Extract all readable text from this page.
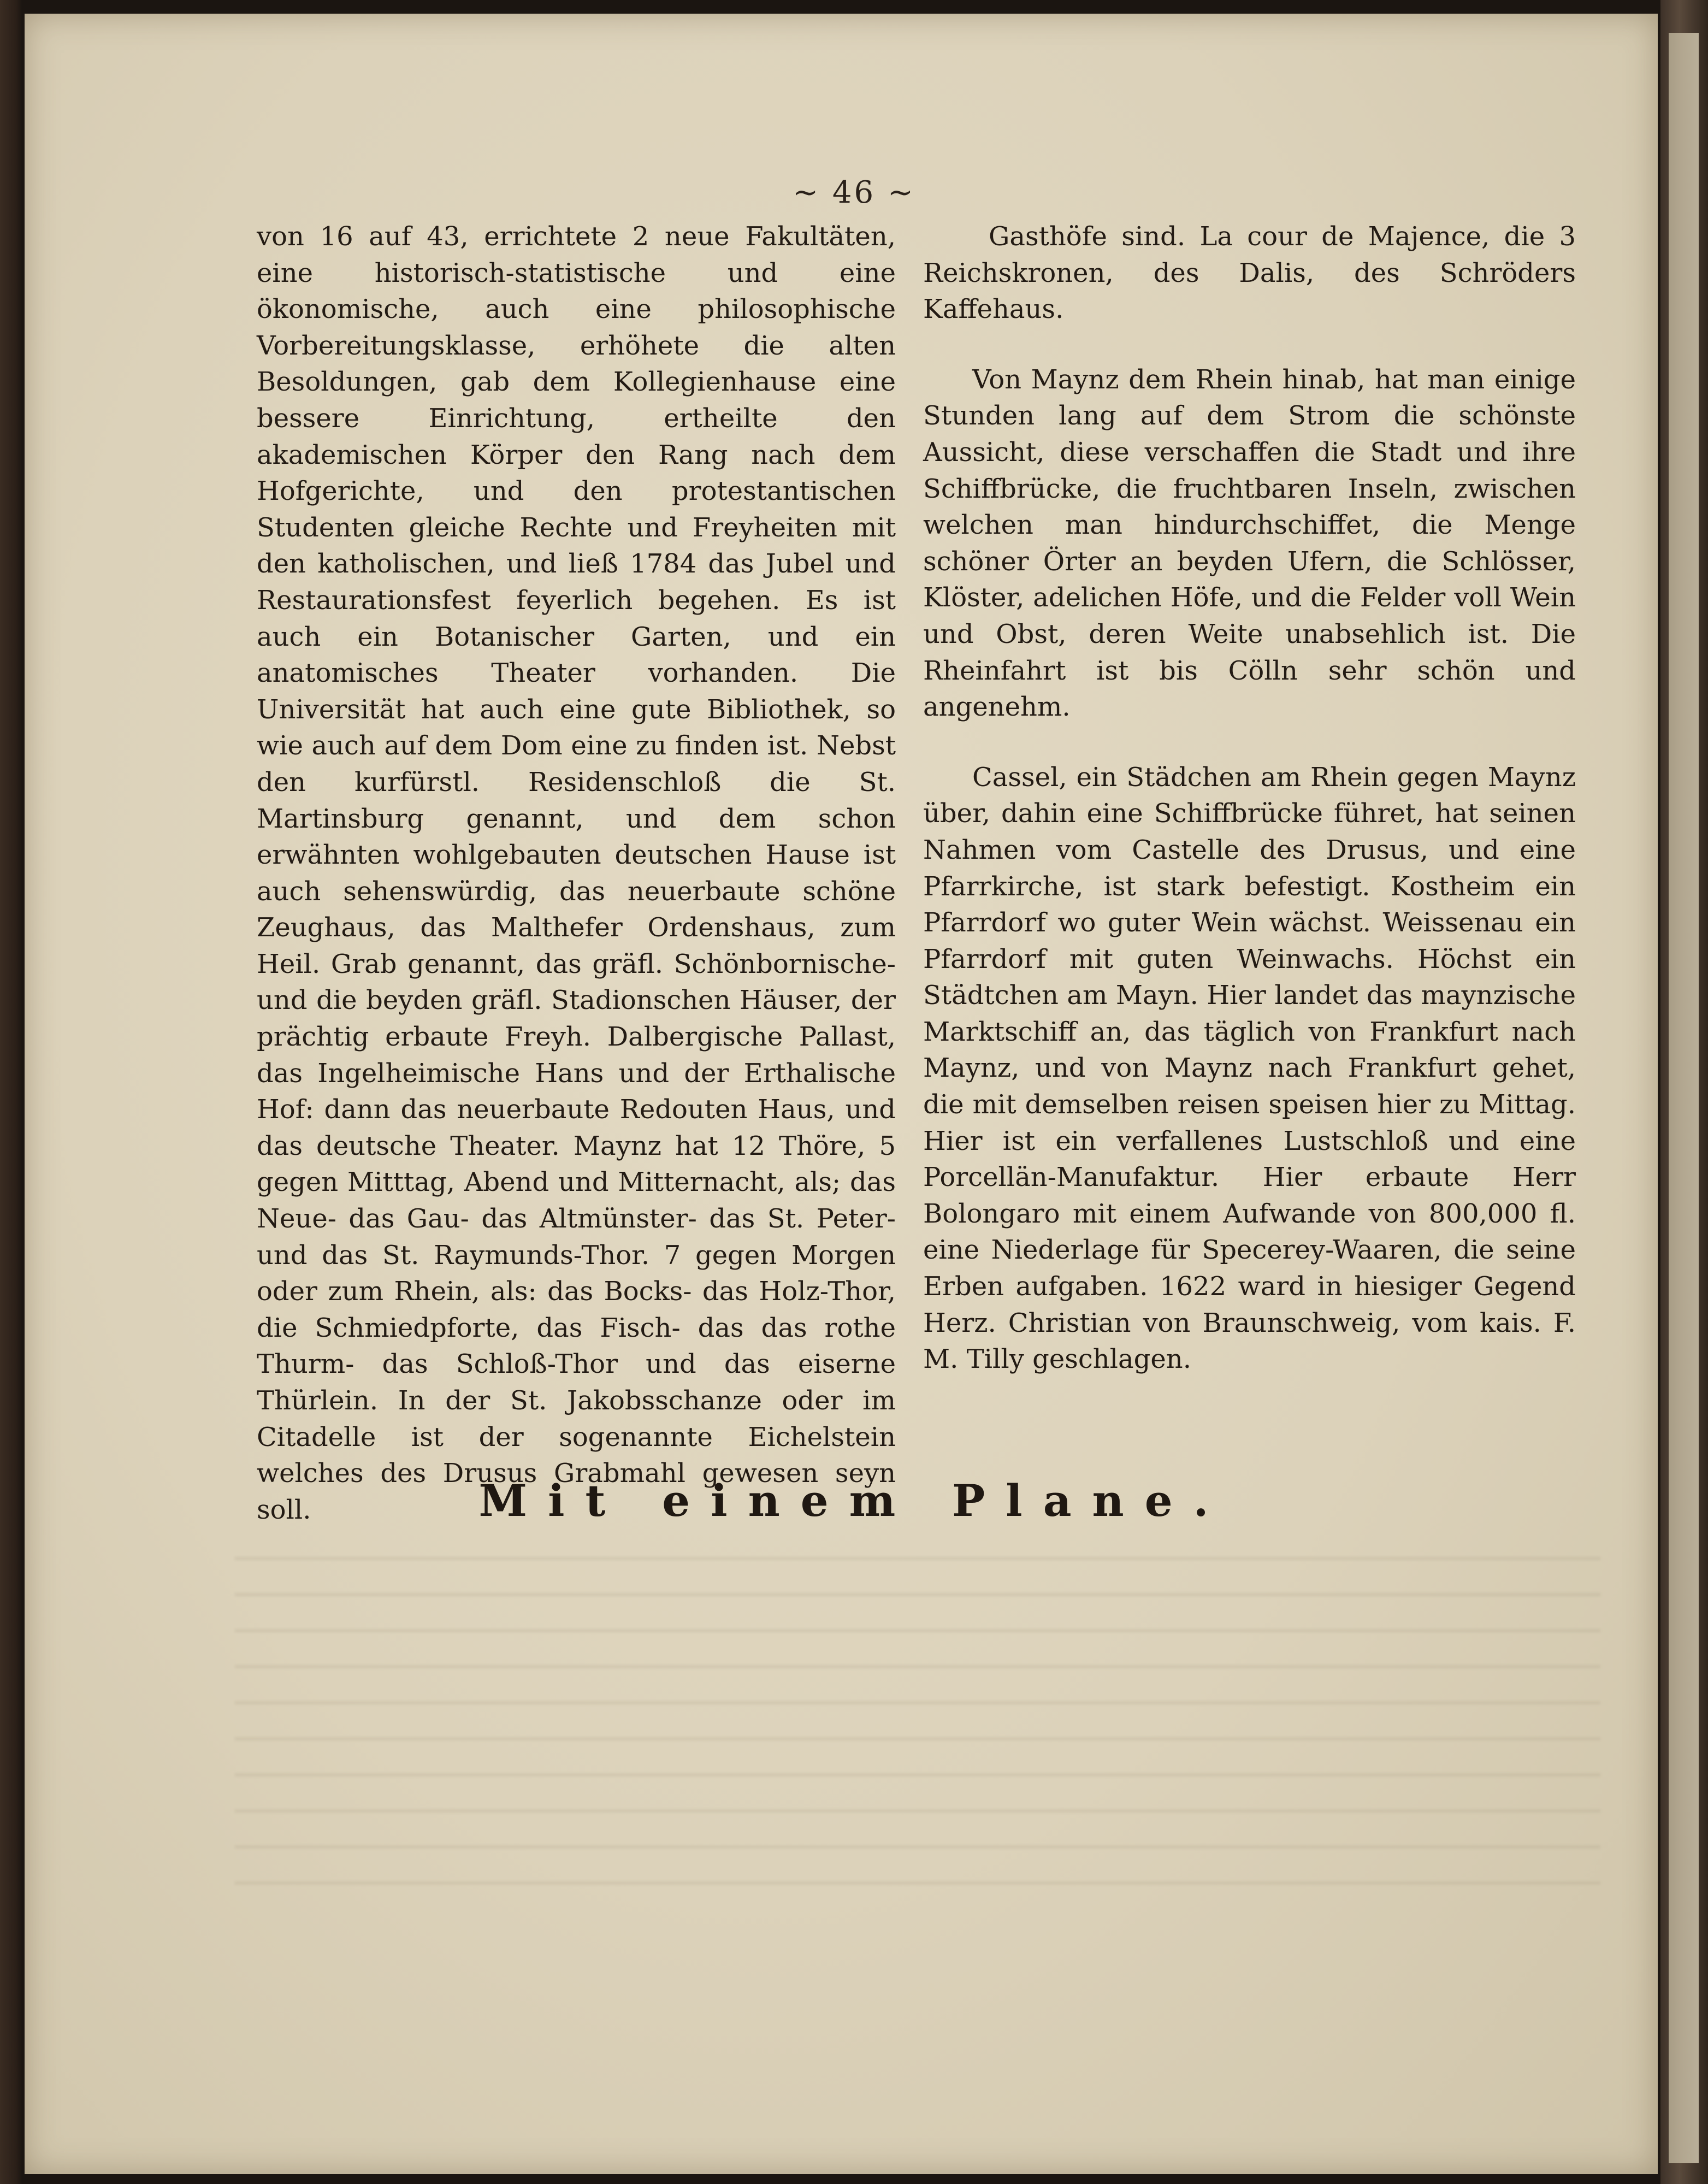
~ 46 ~

von 16 auf 43, errichtete 2 neue Fakultäten, eine historisch-statistische und eine ökonomische, auch eine philosophische Vorbereitungsklasse, erhöhete die alten Besoldungen, gab dem Kollegienhause eine bessere Einrichtung, ertheilte den akademischen Körper den Rang nach dem Hofgerichte, und den protestantischen Studenten gleiche Rechte und Freyheiten mit den katholischen, und ließ 1784 das Jubel und Restaurationsfest feyerlich begehen. Es ist auch ein Botanischer Garten, und ein anatomisches Theater vorhanden. Die Universität hat auch eine gute Bibliothek, so wie auch auf dem Dom eine zu finden ist. Nebst den kurfürstl. Residenschloß die St. Martinsburg genannt, und dem schon erwähnten wohlgebauten deutschen Hause ist auch sehenswürdig, das neuerbaute schöne Zeughaus, das Malthefer Ordenshaus, zum Heil. Grab genannt, das gräfl. Schönbornische- und die beyden gräfl. Stadionschen Häuser, der prächtig erbaute Freyh. Dalbergische Pallast, das Ingelheimische Hans und der Erthalische Hof: dann das neuerbaute Redouten Haus, und das deutsche Theater. Maynz hat 12 Thöre, 5 gegen Mitttag, Abend und Mitternacht, als; das Neue- das Gau- das Altmünster- das St. Peter- und das St. Raymunds-Thor. 7 gegen Morgen oder zum Rhein, als: das Bocks- das Holz-Thor, die Schmiedpforte, das Fisch- das das rothe Thurm- das Schloß-Thor und das eiserne Thürlein. In der St. Jakobsschanze oder im Citadelle ist der sogenannte Eichelstein welches des Drusus Grabmahl gewesen seyn soll.

Gasthöfe sind. La cour de Majence, die 3 Reichskronen, des Dalis, des Schröders Kaffehaus.

Von Maynz dem Rhein hinab, hat man einige Stunden lang auf dem Strom die schönste Aussicht, diese verschaffen die Stadt und ihre Schiffbrücke, die fruchtbaren Inseln, zwischen welchen man hindurchschiffet, die Menge schöner Örter an beyden Ufern, die Schlösser, Klöster, adelichen Höfe, und die Felder voll Wein und Obst, deren Weite unabsehlich ist. Die Rheinfahrt ist bis Cölln sehr schön und angenehm.

Cassel, ein Städchen am Rhein gegen Maynz über, dahin eine Schiffbrücke führet, hat seinen Nahmen vom Castelle des Drusus, und eine Pfarrkirche, ist stark befestigt. Kostheim ein Pfarrdorf wo guter Wein wächst. Weissenau ein Pfarrdorf mit guten Weinwachs. Höchst ein Städtchen am Mayn. Hier landet das maynzische Marktschiff an, das täglich von Frankfurt nach Maynz, und von Maynz nach Frankfurt gehet, die mit demselben reisen speisen hier zu Mittag. Hier ist ein verfallenes Lustschloß und eine Porcellän-Manufaktur. Hier erbaute Herr Bolongaro mit einem Aufwande von 800,000 fl. eine Niederlage für Specerey-Waaren, die seine Erben aufgaben. 1622 ward in hiesiger Gegend Herz. Christian von Braunschweig, vom kais. F. M. Tilly geschlagen.

Mit einem Plane.
